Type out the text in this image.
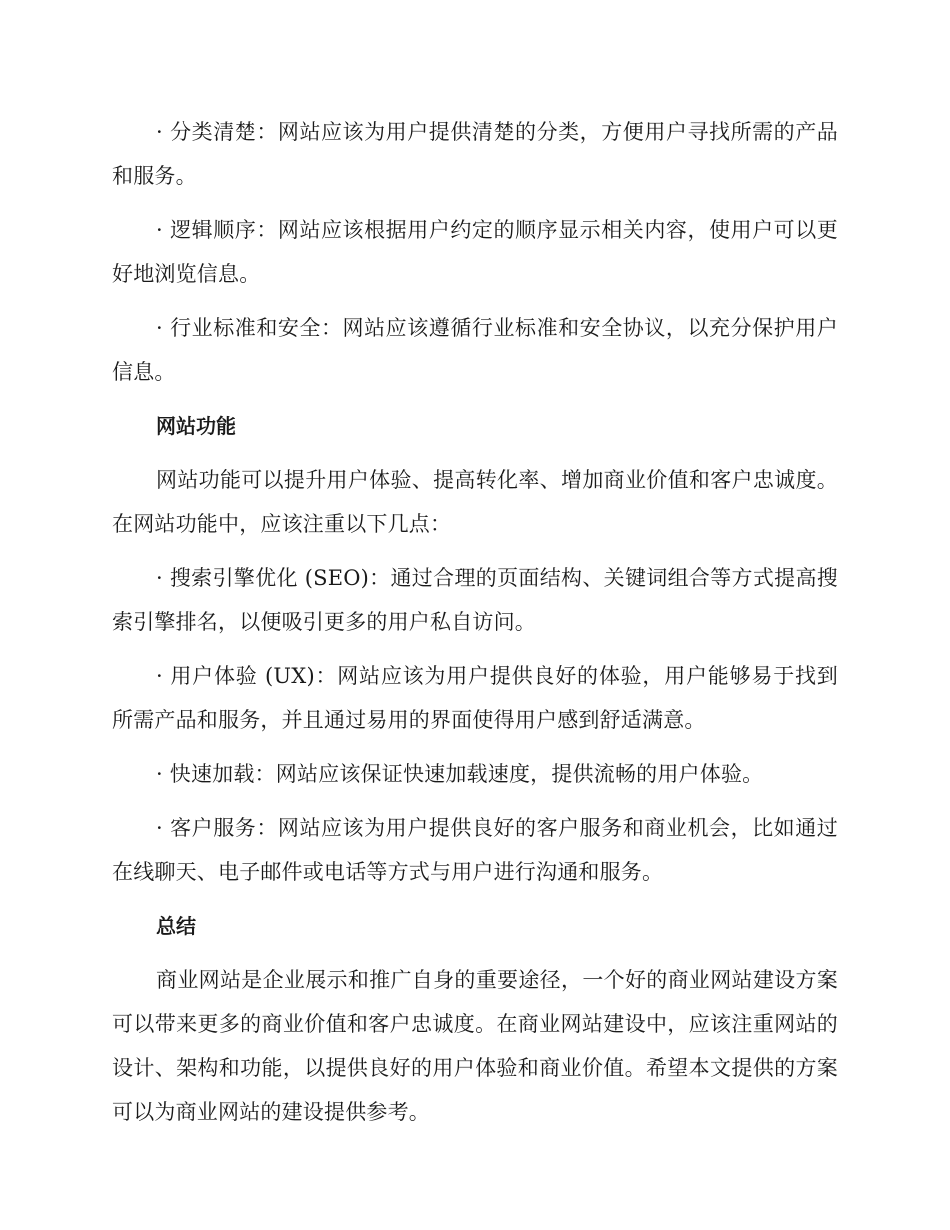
· 分类清楚：网站应该为用户提供清楚的分类，方便用户寻找所需的产品和服务。

· 逻辑顺序：网站应该根据用户约定的顺序显示相关内容，使用户可以更好地浏览信息。

· 行业标准和安全：网站应该遵循行业标准和安全协议，以充分保护用户信息。

网站功能

网站功能可以提升用户体验、提高转化率、增加商业价值和客户忠诚度。在网站功能中，应该注重以下几点：

· 搜索引擎优化 (SEO)：通过合理的页面结构、关键词组合等方式提高搜索引擎排名，以便吸引更多的用户私自访问。

· 用户体验 (UX)：网站应该为用户提供良好的体验，用户能够易于找到所需产品和服务，并且通过易用的界面使得用户感到舒适满意。

· 快速加载：网站应该保证快速加载速度，提供流畅的用户体验。

· 客户服务：网站应该为用户提供良好的客户服务和商业机会，比如通过在线聊天、电子邮件或电话等方式与用户进行沟通和服务。

总结

商业网站是企业展示和推广自身的重要途径，一个好的商业网站建设方案可以带来更多的商业价值和客户忠诚度。在商业网站建设中，应该注重网站的设计、架构和功能，以提供良好的用户体验和商业价值。希望本文提供的方案可以为商业网站的建设提供参考。
